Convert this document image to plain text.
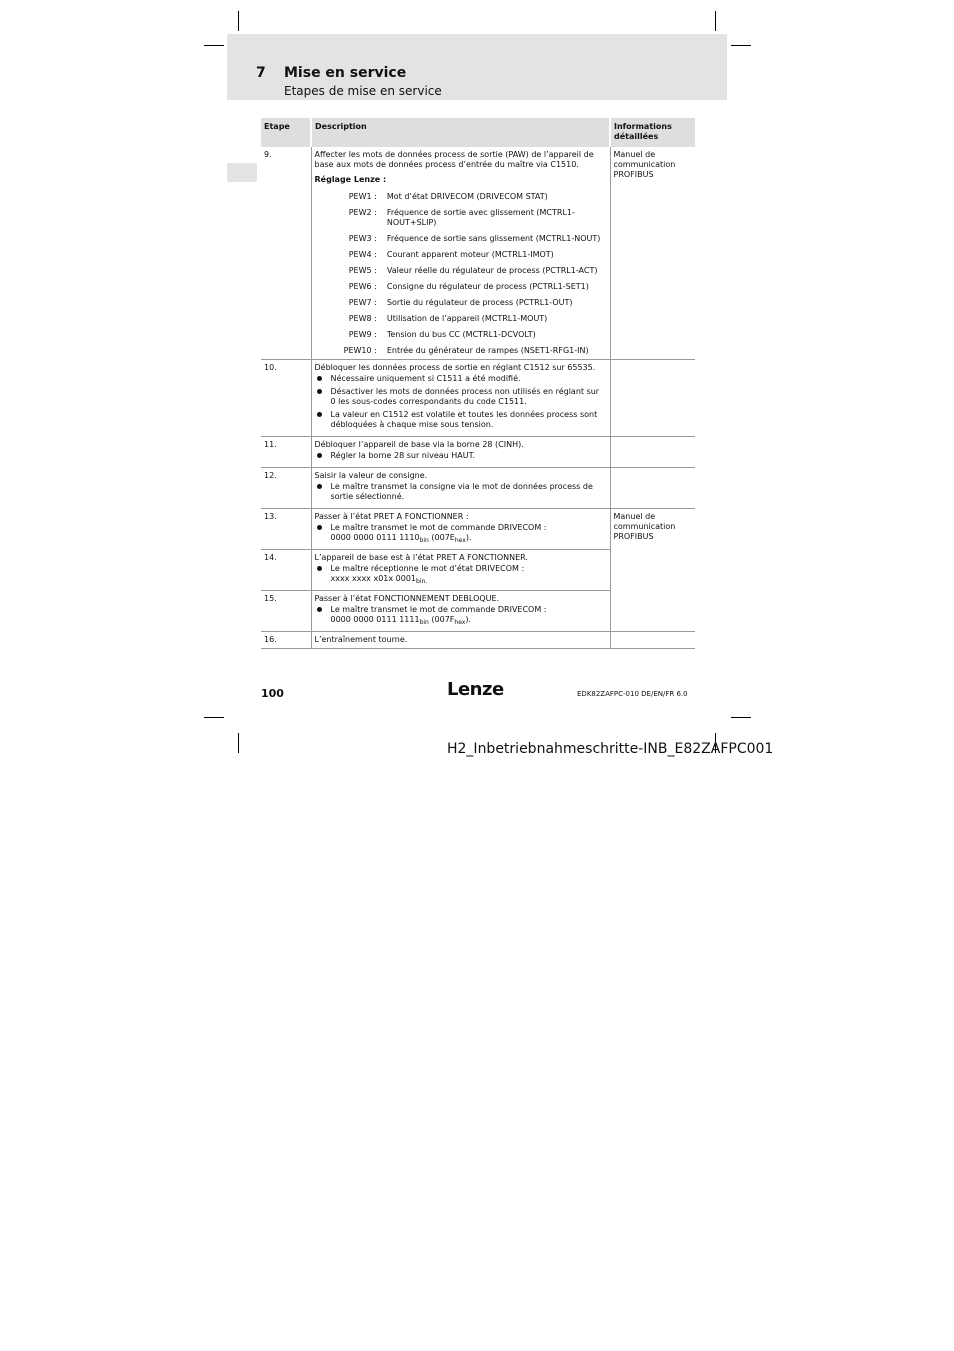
7 Mise en service
Etapes de mise en service
Etape	Description	Informations détaillées
9.	Affecter les mots de données process de sortie (PAW) de l’appareil de base aux mots de données process d’entrée du maître via C1510.
Réglage Lenze :
PEW1 :	Mot d’état DRIVECOM (DRIVECOM STAT)
PEW2 :	Fréquence de sortie avec glissement (MCTRL1-NOUT+SLIP)
PEW3 :	Fréquence de sortie sans glissement (MCTRL1-NOUT)
PEW4 :	Courant apparent moteur (MCTRL1-IMOT)
PEW5 :	Valeur réelle du régulateur de process (PCTRL1-ACT)
PEW6 :	Consigne du régulateur de process (PCTRL1-SET1)
PEW7 :	Sortie du régulateur de process (PCTRL1-OUT)
PEW8 :	Utilisation de l’appareil (MCTRL1-MOUT)
PEW9 :	Tension du bus CC (MCTRL1-DCVOLT)
PEW10 :	Entrée du générateur de rampes (NSET1-RFG1-IN)
	Manuel de communication PROFIBUS
10.	Débloquer les données process de sortie en réglant C1512 sur 65535.
Nécessaire uniquement si C1511 a été modifié.
Désactiver les mots de données process non utilisés en réglant sur 0 les sous-codes correspondants du code C1511.
La valeur en C1512 est volatile et toutes les données process sont débloquées à chaque mise sous tension.

11.	Débloquer l’appareil de base via la borne 28 (CINH).
Régler la borne 28 sur niveau HAUT.

12.	Saisir la valeur de consigne.
Le maître transmet la consigne via le mot de données process de sortie sélectionné.

13.	Passer à l’état PRET A FONCTIONNER :
Le maître transmet le mot de commande DRIVECOM :
0000 0000 0111 $1110_{bin}$ $(007E_{hex})$.
	Manuel de communication PROFIBUS
14.	L’appareil de base est à l’état PRET A FONCTIONNER.
Le maître réceptionne le mot d’état DRIVECOM :
xxxx xxxx x01x $0001_{bin.}$

15.	Passer à l’état FONCTIONNEMENT DEBLOQUE.
Le maître transmet le mot de commande DRIVECOM :
0000 0000 0111 $1111_{bin}$ $(007F_{hex})$.

16.	L’entraînement tourne.	
100	Lenze	EDK82ZAFPC-010 DE/EN/FR 6.0
H2_Inbetriebnahmeschritte-INB_E82ZAFPC001
